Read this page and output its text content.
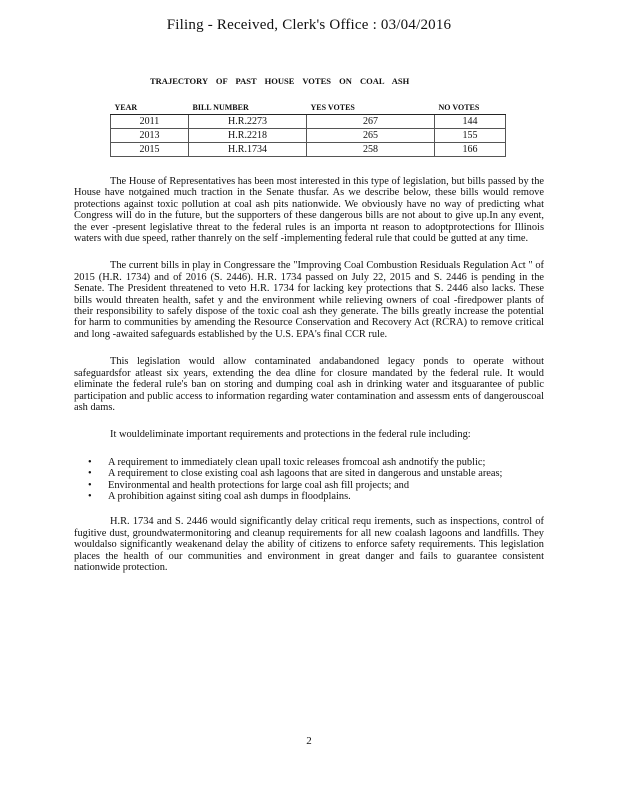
Filing - Received, Clerk's Office : 03/04/2016
TRAJECTORY OF PAST HOUSE VOTES ON COAL ASH
YEAR	BILL NUMBER	YES VOTES	NO VOTES
2011	H.R.2273	267	144
2013	H.R.2218	265	155
2015	H.R.1734	258	166

The House of Representatives has been most interested in this type of legislation, but bills passed by the House have notgained much traction in the Senate thusfar. As we describe below, these bills would remove protections against toxic pollution at coal ash pits nationwide. We obviously have no way of predicting what Congress will do in the future, but the supporters of these dangerous bills are not about to give up.In any event, the ever -present legislative threat to the federal rules is an importa nt reason to adoptprotections for Illinois waters with due speed, rather thanrely on the self -implementing federal rule that could be gutted at any time.

The current bills in play in Congressare the "Improving Coal Combustion Residuals Regulation Act " of 2015 (H.R. 1734) and of 2016 (S. 2446). H.R. 1734 passed on July 22, 2015 and S. 2446 is pending in the Senate. The President threatened to veto H.R. 1734 for lacking key protections that S. 2446 also lacks. These bills would threaten health, safet y and the environment while relieving owners of coal -firedpower plants of their responsibility to safely dispose of the toxic coal ash they generate. The bills greatly increase the potential for harm to communities by amending the Resource Conservation and Recovery Act (RCRA) to remove critical and long -awaited safeguards established by the U.S. EPA's final CCR rule.

This legislation would allow contaminated andabandoned legacy ponds to operate without safeguardsfor atleast six years, extending the dea dline for closure mandated by the federal rule. It would eliminate the federal rule's ban on storing and dumping coal ash in drinking water and itsguarantee of public participation and public access to information regarding water contamination and assessm ents of dangerouscoal ash dams.

It wouldeliminate important requirements and protections in the federal rule including:

• A requirement to immediately clean upall toxic releases fromcoal ash andnotify the public;
• A requirement to close existing coal ash lagoons that are sited in dangerous and unstable areas;
• Environmental and health protections for large coal ash fill projects; and
• A prohibition against siting coal ash dumps in floodplains.

H.R. 1734 and S. 2446 would significantly delay critical requ irements, such as inspections, control of fugitive dust, groundwatermonitoring and cleanup requirements for all new coalash lagoons and landfills. They wouldalso significantly weakenand delay the ability of citizens to enforce safety requirements. This legislation places the health of our communities and environment in great danger and fails to guarantee consistent nationwide protection.

2
